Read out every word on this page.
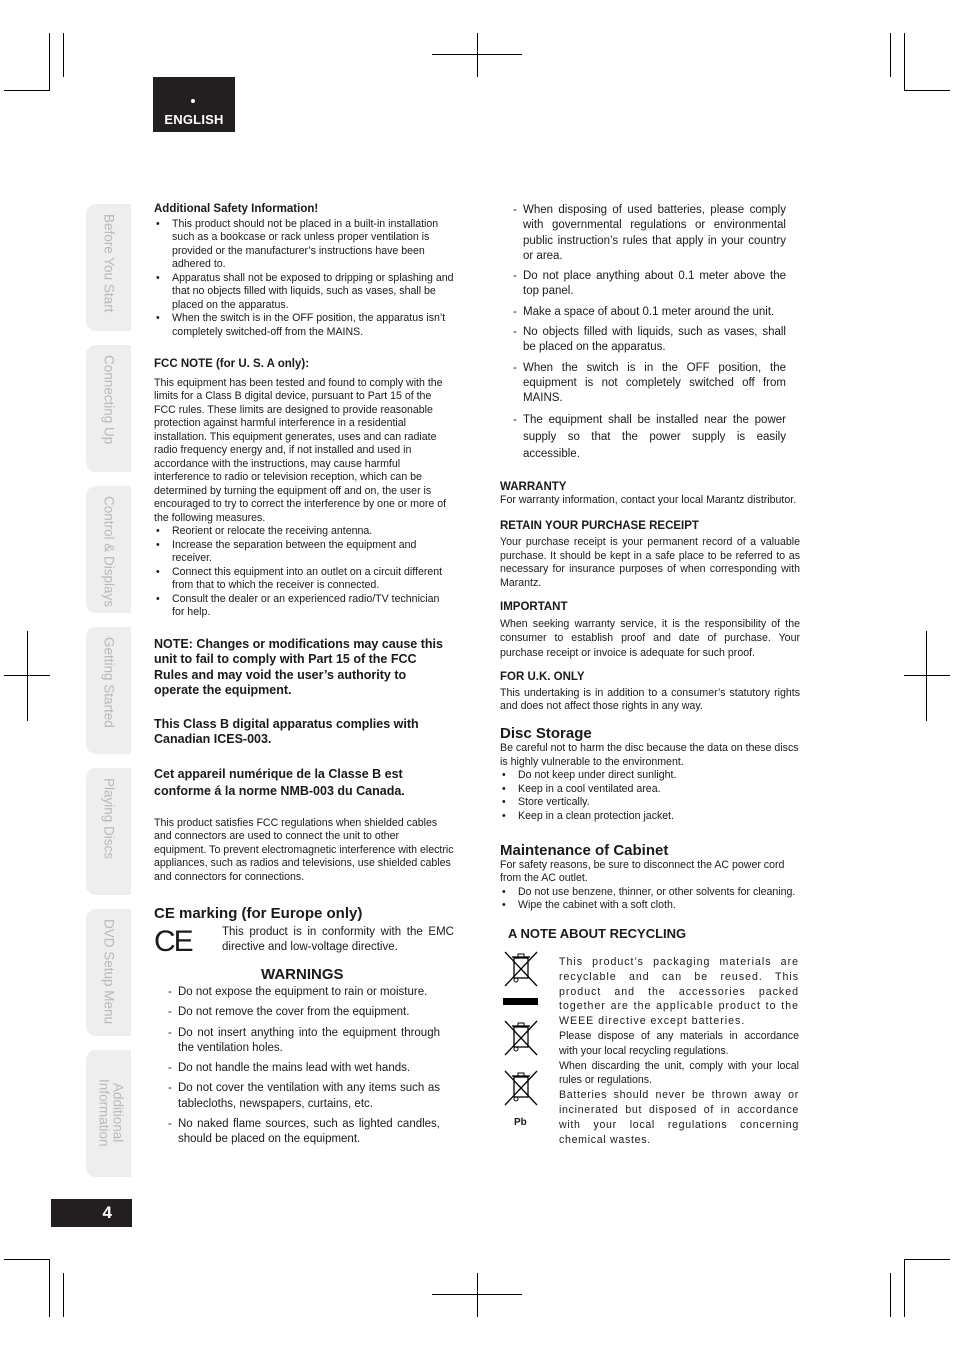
ENGLISH
Before You Start
Connecting Up
Control & Displays
Getting Started
Playing Discs
DVD Setup Menu
Additional Information
4

Additional Safety Information!

• This product should not be placed in a built-in installation such as a bookcase or rack unless proper ventilation is provided or the manufacturer’s instructions have been adhered to.
• Apparatus shall not be exposed to dripping or splashing and that no objects filled with liquids, such as vases, shall be placed on the apparatus.
• When the switch is in the OFF position, the apparatus isn’t completely switched-off from the MAINS.

FCC NOTE (for U. S. A only):

This equipment has been tested and found to comply with the limits for a Class B digital device, pursuant to Part 15 of the FCC rules. These limits are designed to provide reasonable protection against harmful interference in a residential installation. This equipment generates, uses and can radiate radio frequency energy and, if not installed and used in accordance with the instructions, may cause harmful interference to radio or television reception, which can be determined by turning the equipment off and on, the user is encouraged to try to correct the interference by one or more of the following measures.

• Reorient or relocate the receiving antenna.
• Increase the separation between the equipment and receiver.
• Connect this equipment into an outlet on a circuit different from that to which the receiver is connected.
• Consult the dealer or an experienced radio/TV technician for help.

NOTE: Changes or modifications may cause this unit to fail to comply with Part 15 of the FCC Rules and may void the user’s authority to operate the equipment.

This Class B digital apparatus complies with Canadian ICES-003.

Cet appareil numérique de la Classe B est conforme á la norme NMB-003 du Canada.

This product satisfies FCC regulations when shielded cables and connectors are used to connect the unit to other equipment. To prevent electromagnetic interference with electric appliances, such as radios and televisions, use shielded cables and connectors for connections.

CE marking (for Europe only)

CE	This product is in conformity with the EMC directive and low-voltage directive.

WARNINGS

- Do not expose the equipment to rain or moisture.
- Do not remove the cover from the equipment.
- Do not insert anything into the equipment through the ventilation holes.
- Do not handle the mains lead with wet hands.
- Do not cover the ventilation with any items such as tablecloths, newspapers, curtains, etc.
- No naked flame sources, such as lighted candles, should be placed on the equipment.
- When disposing of used batteries, please comply with governmental regulations or environmental public instruction’s rules that apply in your country or area.
- Do not place anything about 0.1 meter above the top panel.
- Make a space of about 0.1 meter around the unit.
- No objects filled with liquids, such as vases, shall be placed on the apparatus.
- When the switch is in the OFF position, the equipment is not completely switched off from MAINS.
- The equipment shall be installed near the power supply so that the power supply is easily accessible.

WARRANTY

For warranty information, contact your local Marantz distributor.

RETAIN YOUR PURCHASE RECEIPT

Your purchase receipt is your permanent record of a valuable purchase. It should be kept in a safe place to be referred to as necessary for insurance purposes of when corresponding with Marantz.

IMPORTANT

When seeking warranty service, it is the responsibility of the consumer to establish proof and date of purchase. Your purchase receipt or invoice is adequate for such proof.

FOR U.K. ONLY

This undertaking is in addition to a consumer’s statutory rights and does not affect those rights in any way.

Disc Storage

Be careful not to harm the disc because the data on these discs is highly vulnerable to the environment.

• Do not keep under direct sunlight.
• Keep in a cool ventilated area.
• Store vertically.
• Keep in a clean protection jacket.

Maintenance of Cabinet

For safety reasons, be sure to disconnect the AC power cord from the AC outlet.

• Do not use benzene, thinner, or other solvents for cleaning.
• Wipe the cabinet with a soft cloth.

A NOTE ABOUT RECYCLING

Pb

This product’s packaging materials are recyclable and can be reused. This product and the accessories packed together are the applicable product to the WEEE directive except batteries.

Please dispose of any materials in accordance with your local recycling regulations.

When discarding the unit, comply with your local rules or regulations.

Batteries should never be thrown away or incinerated but disposed of in accordance with your local regulations concerning chemical wastes.
